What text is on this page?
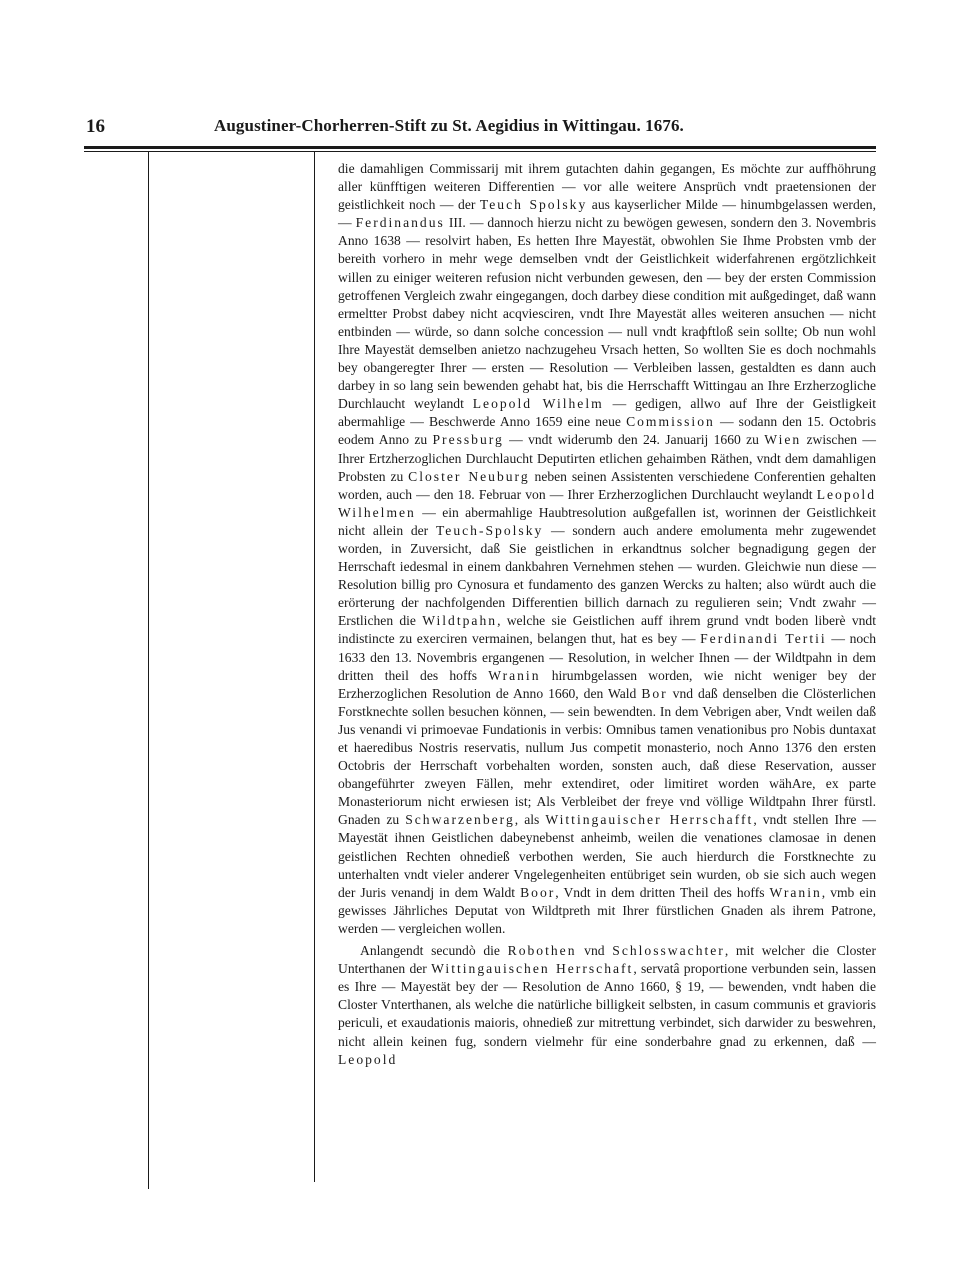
16	Augustiner-Chorherren-Stift zu St. Aegidius in Wittingau. 1676.

die damahligen Commissarij mit ihrem gutachten dahin gegangen, Es möchte zur auffhöhrung aller künfftigen weiteren Differentien — vor alle weitere Ansprüch vndt praetensionen der geistlichkeit noch — der Teuch Spolsky aus kayserlicher Milde — hinumbgelassen werden, — Ferdinandus III. — dannoch hierzu nicht zu bewögen gewesen, sondern den 3. Novembris Anno 1638 — resolvirt haben, Es hetten Ihre Mayestät, obwohlen Sie Ihme Probsten vmb der bereith vorhero in mehr wege demselben vndt der Geistlichkeit widerfahrenen ergötzlichkeit willen zu einiger weiteren refusion nicht verbunden gewesen, den — bey der ersten Commission getroffenen Vergleich zwahr eingegangen, doch darbey diese condition mit außgedinget, daß wann ermeltter Probst dabey nicht acqviesciren, vndt Ihre Mayestät alles weiteren ansuchen — nicht entbinden — würde, so dann solche concession — null vndt kraфftloß sein sollte; Ob nun wohl Ihre Mayestät demselben anietzo nachzugeheu Vrsach hetten, So wollten Sie es doch nochmahls bey obangeregter Ihrer — ersten — Resolution — Verbleiben lassen, gestaldten es dann auch darbey in so lang sein bewenden gehabt hat, bis die Herrschafft Wittingau an Ihre Erzherzogliche Durchlaucht weylandt Leopold Wilhelm — gedigen, allwo auf Ihre der Geistligkeit abermahlige — Beschwerde Anno 1659 eine neue Commission — sodann den 15. Octobris eodem Anno zu Pressburg — vndt widerumb den 24. Januarij 1660 zu Wien zwischen — Ihrer Ertzherzoglichen Durchlaucht Deputirten etlichen gehaimben Räthen, vndt dem damahligen Probsten zu Closter Neuburg neben seinen Assistenten verschiedene Conferentien gehalten worden, auch — den 18. Februar von — Ihrer Erzherzoglichen Durchlaucht weylandt Leopold Wilhelmen — ein abermahlige Haubtresolution außgefallen ist, worinnen der Geistlichkeit nicht allein der Teuch-Spolsky — sondern auch andere emolumenta mehr zugewendet worden, in Zuversicht, daß Sie geistlichen in erkandtnus solcher begnadigung gegen der Herrschaft iedesmal in einem dankbahren Vernehmen stehen — wurden. Gleichwie nun diese — Resolution billig pro Cynosura et fundamento des ganzen Wercks zu halten; also würdt auch die erörterung der nachfolgenden Differentien billich darnach zu regulieren sein; Vndt zwahr — Erstlichen die Wildtpahn, welche sie Geistlichen auff ihrem grund vndt boden liberè vndt indistincte zu exerciren vermainen, belangen thut, hat es bey — Ferdinandi Tertii — noch 1633 den 13. Novembris ergangenen — Resolution, in welcher Ihnen — der Wildtpahn in dem dritten theil des hoffs Wranin hirumbgelassen worden, wie nicht weniger bey der Erzherzoglichen Resolution de Anno 1660, den Wald Bor vnd daß denselben die Clösterlichen Forstknechte sollen besuchen können, — sein bewendten. In dem Vebrigen aber, Vndt weilen daß Jus venandi vi primoevae Fundationis in verbis: Omnibus tamen venationibus pro Nobis duntaxat et haeredibus Nostris reservatis, nullum Jus competit monasterio, noch Anno 1376 den ersten Octobris der Herrschaft vorbehalten worden, sonsten auch, daß diese Reservation, ausser obangeführter zweyen Fällen, mehr extendiret, oder limitiret worden wähAre, ex parte Monasteriorum nicht erwiesen ist; Als Verbleibet der freye vnd völlige Wildtpahn Ihrer fürstl. Gnaden zu Schwarzenberg, als Wittingauischer Herrschafft, vndt stellen Ihre — Mayestät ihnen Geistlichen dabeynebenst anheimb, weilen die venationes clamosae in denen geistlichen Rechten ohnedieß verbothen werden, Sie auch hierdurch die Forstknechte zu unterhalten vndt vieler anderer Vngelegenheiten entübriget sein wurden, ob sie sich auch wegen der Juris venandj in dem Waldt Boor, Vndt in dem dritten Theil des hoffs Wranin, vmb ein gewisses Jährliches Deputat von Wildtpreth mit Ihrer fürstlichen Gnaden als ihrem Patrone, werden — vergleichen wollen.

Anlangendt secundò die Robothen vnd Schlosswachter, mit welcher die Closter Unterthanen der Wittingauischen Herrschaft, servatâ proportione verbunden sein, lassen es Ihre — Mayestät bey der — Resolution de Anno 1660, § 19, — bewenden, vndt haben die Closter Vnterthanen, als welche die natürliche billigkeit selbsten, in casum communis et gravioris periculi, et exaudationis maioris, ohnedieß zur mitrettung verbindet, sich darwider zu beswehren, nicht allein keinen fug, sondern vielmehr für eine sonderbahre gnad zu erkennen, daß — Leopold
